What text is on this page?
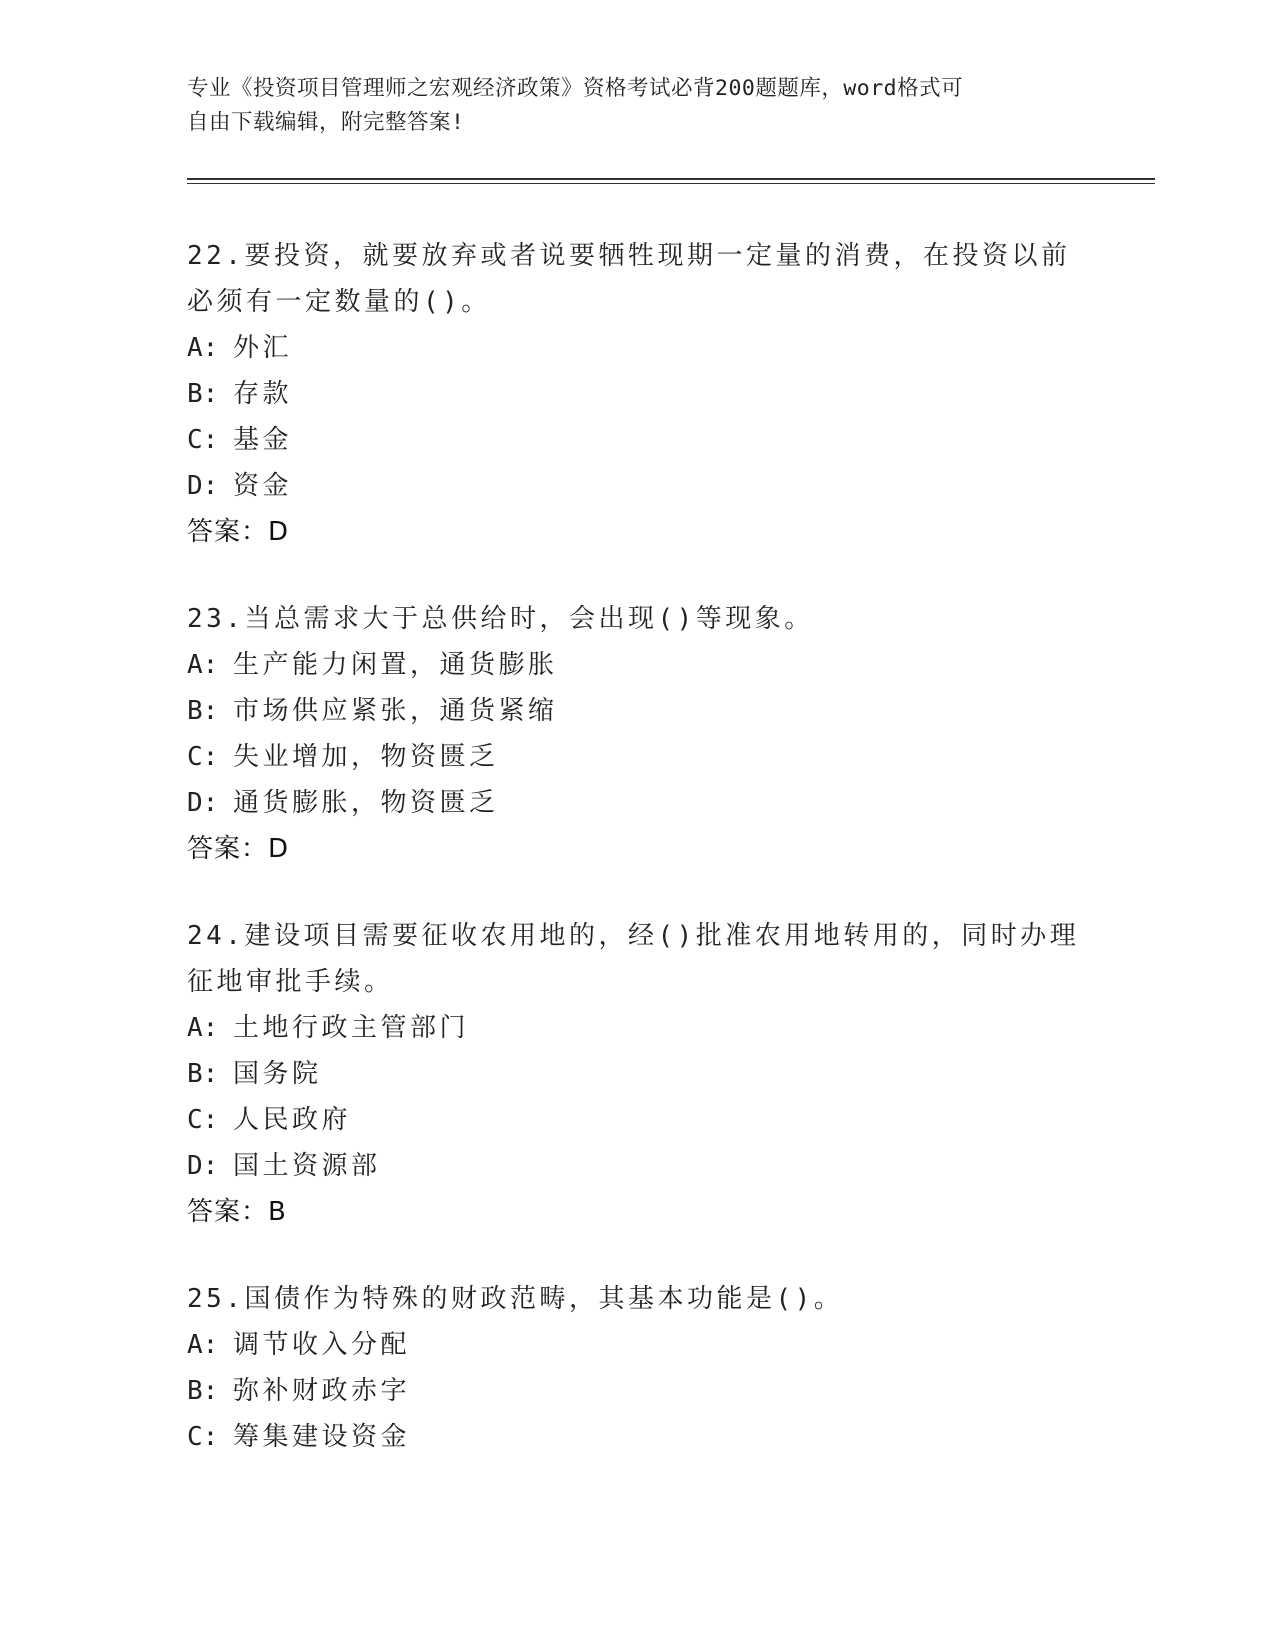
专业《投资项目管理师之宏观经济政策》资格考试必背200题题库，word格式可
自由下载编辑，附完整答案!
22.要投资，就要放弃或者说要牺牲现期一定量的消费，在投资以前必须有一定数量的()。
A: 外汇
B: 存款
C: 基金
D: 资金
答案：D
23.当总需求大于总供给时，会出现()等现象。
A: 生产能力闲置，通货膨胀
B: 市场供应紧张，通货紧缩
C: 失业增加，物资匮乏
D: 通货膨胀，物资匮乏
答案：D
24.建设项目需要征收农用地的，经()批准农用地转用的，同时办理征地审批手续。
A: 土地行政主管部门
B: 国务院
C: 人民政府
D: 国土资源部
答案：B
25.国债作为特殊的财政范畴，其基本功能是()。
A: 调节收入分配
B: 弥补财政赤字
C: 筹集建设资金
